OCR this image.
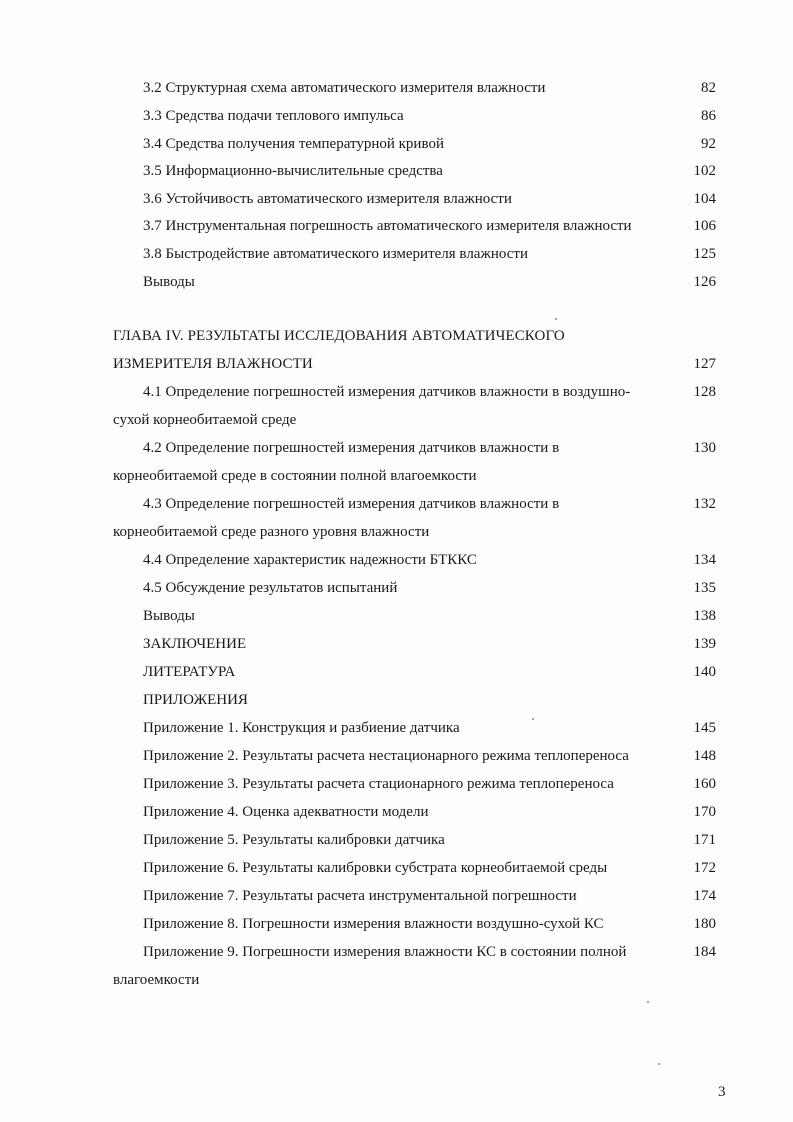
3.2 Структурная схема автоматического измерителя влажности	82
3.3 Средства подачи теплового импульса	86
3.4 Средства получения температурной кривой	92
3.5 Информационно-вычислительные средства	102
3.6 Устойчивость автоматического измерителя влажности	104
3.7 Инструментальная погрешность автоматического измерителя влажности	106
3.8 Быстродействие автоматического измерителя влажности	125
Выводы	126
ГЛАВА IV. РЕЗУЛЬТАТЫ ИССЛЕДОВАНИЯ АВТОМАТИЧЕСКОГО
ИЗМЕРИТЕЛЯ ВЛАЖНОСТИ	127
4.1 Определение погрешностей измерения датчиков влажности в воздушно-	128
сухой корнеобитаемой среде
4.2 Определение погрешностей измерения датчиков влажности в	130
корнеобитаемой среде в состоянии полной влагоемкости
4.3 Определение погрешностей измерения датчиков влажности в	132
корнеобитаемой среде разного уровня влажности
4.4 Определение характеристик надежности БТККС	134
4.5 Обсуждение результатов испытаний	135
Выводы	138
ЗАКЛЮЧЕНИЕ	139
ЛИТЕРАТУРА	140
ПРИЛОЖЕНИЯ
Приложение 1. Конструкция и разбиение датчика	145
Приложение 2. Результаты расчета нестационарного режима теплопереноса	148
Приложение 3. Результаты расчета стационарного режима теплопереноса	160
Приложение 4. Оценка адекватности модели	170
Приложение 5. Результаты калибровки датчика	171
Приложение 6. Результаты калибровки субстрата корнеобитаемой среды	172
Приложение 7. Результаты расчета инструментальной погрешности	174
Приложение 8. Погрешности измерения влажности воздушно-сухой КС	180
Приложение 9. Погрешности измерения влажности КС в состоянии полной	184
влагоемкости
3
